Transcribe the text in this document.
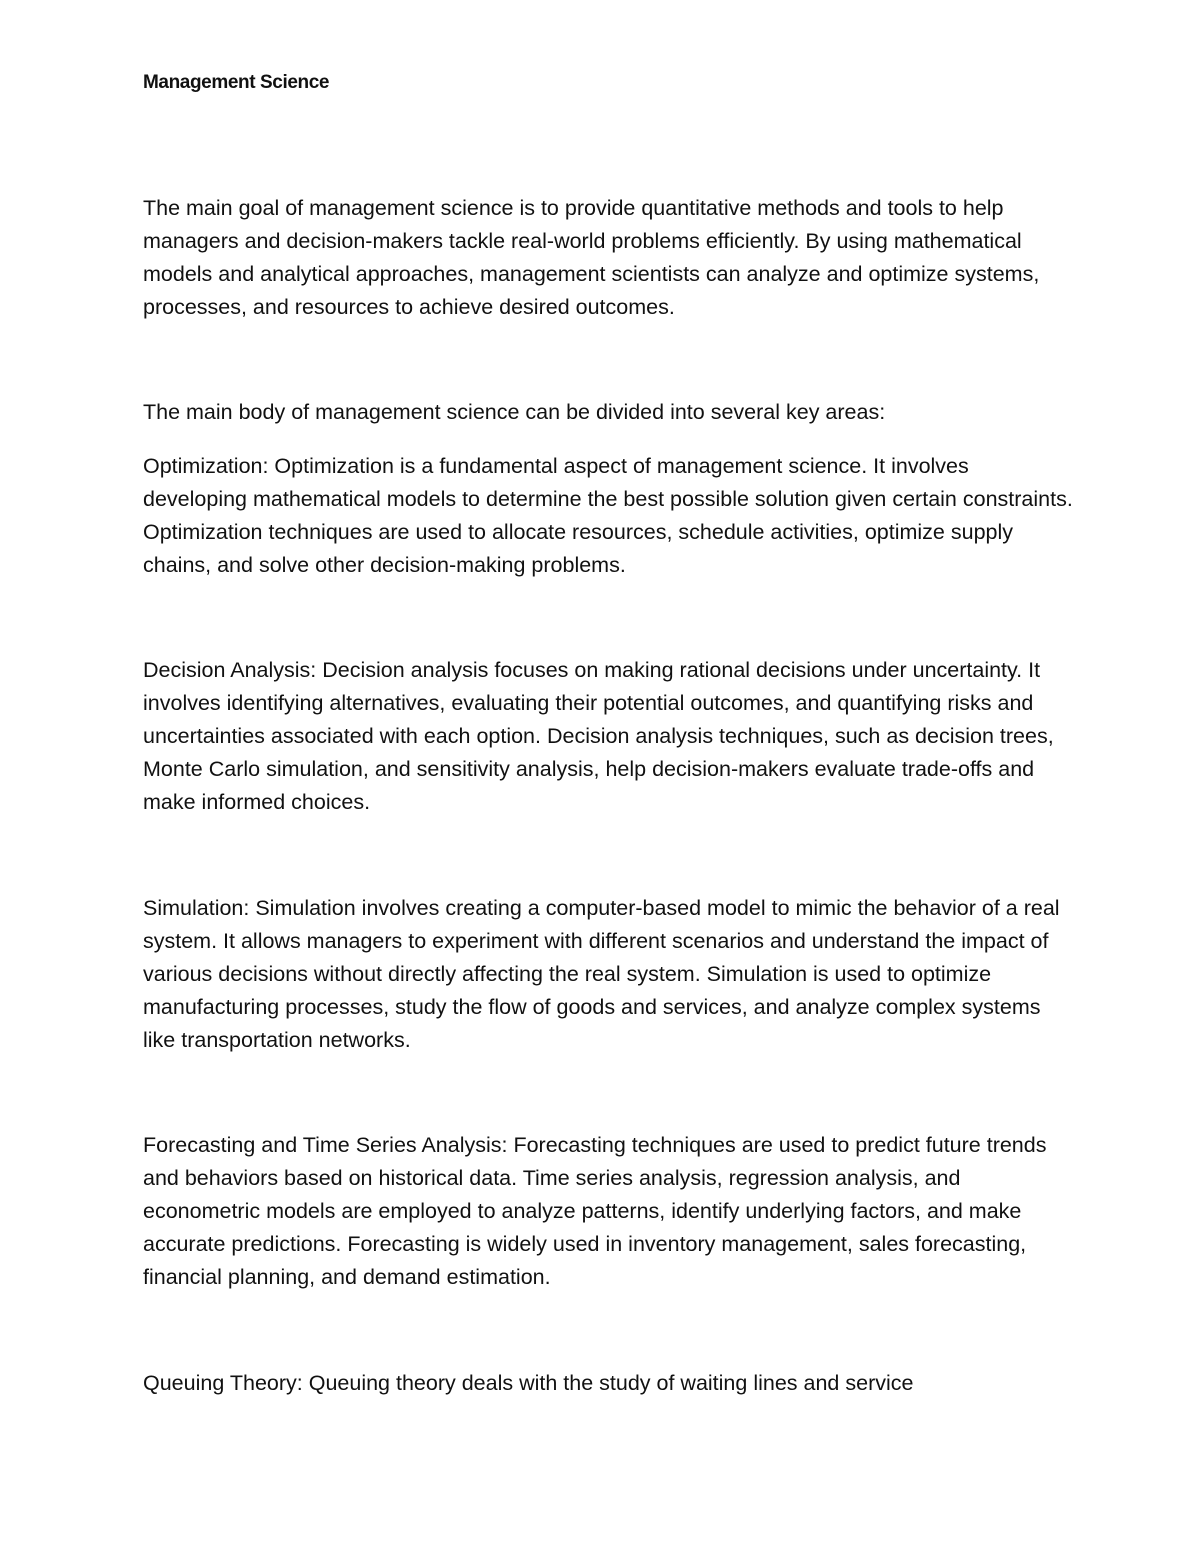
Management Science

The main goal of management science is to provide quantitative methods and tools to help managers and decision-makers tackle real-world problems efficiently. By using mathematical models and analytical approaches, management scientists can analyze and optimize systems, processes, and resources to achieve desired outcomes.

The main body of management science can be divided into several key areas:

Optimization: Optimization is a fundamental aspect of management science. It involves developing mathematical models to determine the best possible solution given certain constraints. Optimization techniques are used to allocate resources, schedule activities, optimize supply chains, and solve other decision-making problems.

Decision Analysis: Decision analysis focuses on making rational decisions under uncertainty. It involves identifying alternatives, evaluating their potential outcomes, and quantifying risks and uncertainties associated with each option. Decision analysis techniques, such as decision trees, Monte Carlo simulation, and sensitivity analysis, help decision-makers evaluate trade-offs and make informed choices.

Simulation: Simulation involves creating a computer-based model to mimic the behavior of a real system. It allows managers to experiment with different scenarios and understand the impact of various decisions without directly affecting the real system. Simulation is used to optimize manufacturing processes, study the flow of goods and services, and analyze complex systems like transportation networks.

Forecasting and Time Series Analysis: Forecasting techniques are used to predict future trends and behaviors based on historical data. Time series analysis, regression analysis, and econometric models are employed to analyze patterns, identify underlying factors, and make accurate predictions. Forecasting is widely used in inventory management, sales forecasting, financial planning, and demand estimation.

Queuing Theory: Queuing theory deals with the study of waiting lines and service
